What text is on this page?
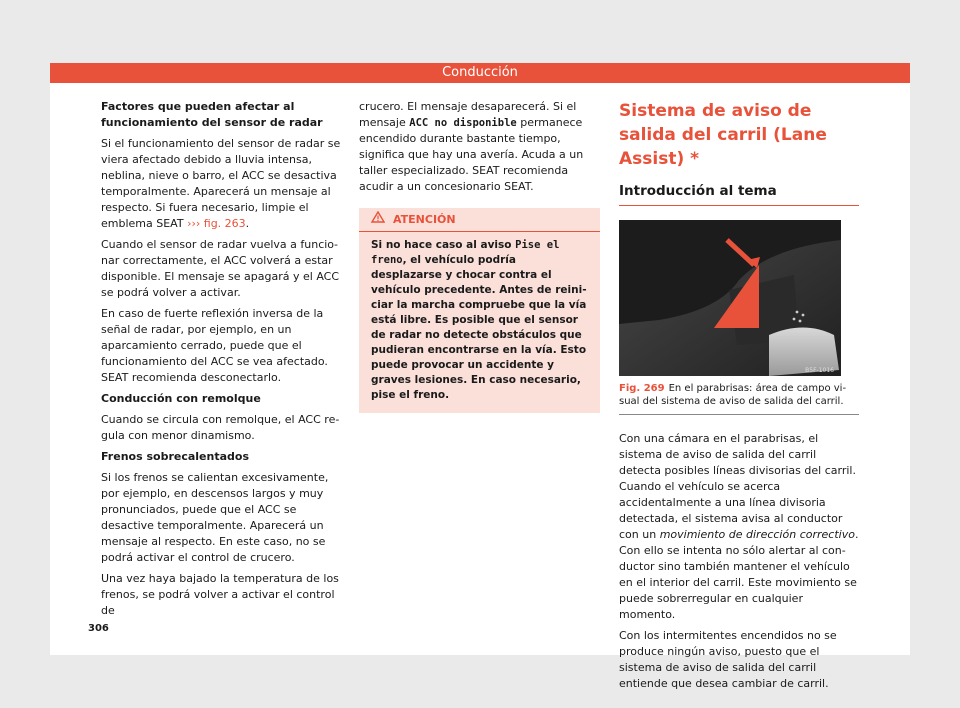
Conducción

Factores que pueden afectar al funcionamiento del sensor de radar

Si el funcionamiento del sensor de radar se viera afectado debido a lluvia intensa, neblina, nieve o barro, el ACC se desactiva temporalmente. Aparecerá un mensaje al respecto. Si fuera necesario, limpie el emblema SEAT ››› fig. 263.

Cuando el sensor de radar vuelva a funcionar correctamente, el ACC volverá a estar disponible. El mensaje se apagará y el ACC se podrá volver a activar.

En caso de fuerte reflexión inversa de la señal de radar, por ejemplo, en un aparcamiento cerrado, puede que el funcionamiento del ACC se vea afectado. SEAT recomienda desconectarlo.

Conducción con remolque

Cuando se circula con remolque, el ACC regula con menor dinamismo.

Frenos sobrecalentados

Si los frenos se calientan excesivamente, por ejemplo, en descensos largos y muy pronunciados, puede que el ACC se desactive temporalmente. Aparecerá un mensaje al respecto. En este caso, no se podrá activar el control de crucero.

Una vez haya bajado la temperatura de los frenos, se podrá volver a activar el control de

crucero. El mensaje desaparecerá. Si el mensaje ACC no disponible permanece encendido durante bastante tiempo, significa que hay una avería. Acuda a un taller especializado. SEAT recomienda acudir a un concesionario SEAT.

ATENCIÓN
Si no hace caso al aviso Pise el freno, el vehículo podría desplazarse y chocar contra el vehículo precedente. Antes de reiniciar la marcha compruebe que la vía está libre. Es posible que el sensor de radar no detecte obstáculos que pudieran encontrarse en la vía. Esto puede provocar un accidente y graves lesiones. En caso necesario, pise el freno.
Sistema de aviso de salida del carril (Lane Assist) *
Introducción al tema
B5F-1016
Fig. 269 En el parabrisas: área de campo visual del sistema de aviso de salida del carril.

Con una cámara en el parabrisas, el sistema de aviso de salida del carril detecta posibles líneas divisorias del carril. Cuando el vehículo se acerca accidentalmente a una línea divisoria detectada, el sistema avisa al conductor con un movimiento de dirección correctivo. Con ello se intenta no sólo alertar al conductor sino también mantener el vehículo en el interior del carril. Este movimiento se puede sobrerregular en cualquier momento.

Con los intermitentes encendidos no se produce ningún aviso, puesto que el sistema de aviso de salida del carril entiende que desea cambiar de carril.

306
